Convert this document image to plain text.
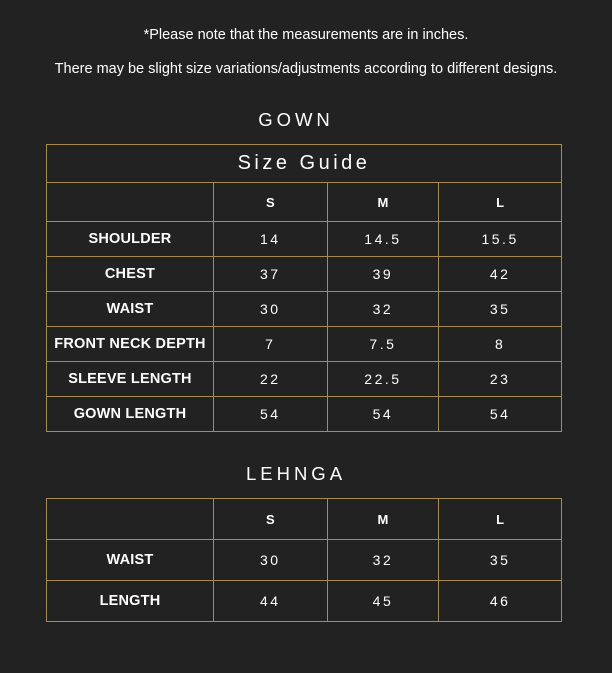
*Please note that the measurements are in inches.
There may be slight size variations/adjustments according to different designs.
GOWN
Size Guide			
	S	M	L
SHOULDER	14	14.5	15.5
CHEST	37	39	42
WAIST	30	32	35
FRONT NECK DEPTH	7	7.5	8
SLEEVE LENGTH	22	22.5	23
GOWN LENGTH	54	54	54
LEHNGA
	S	M	L
WAIST	30	32	35
LENGTH	44	45	46
